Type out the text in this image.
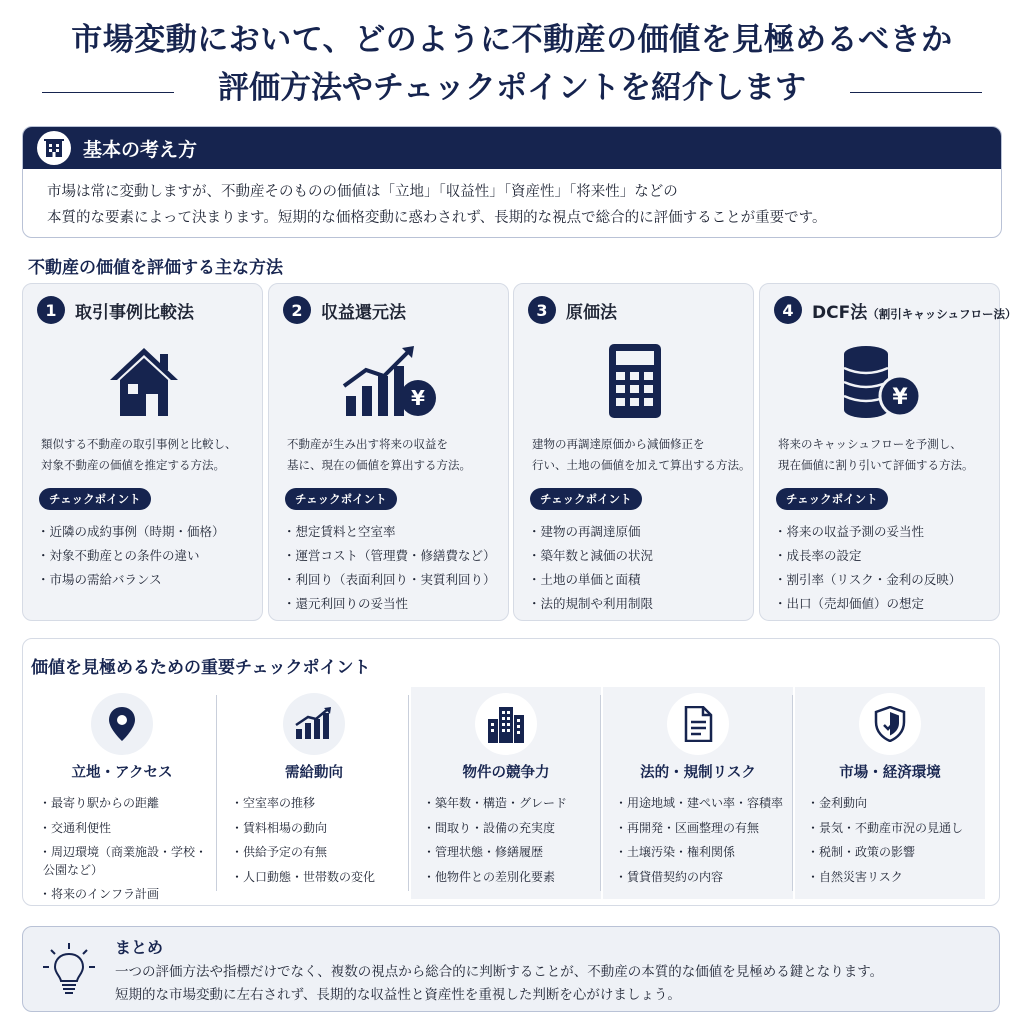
市場変動において、どのように不動産の価値を見極めるべきか
評価方法やチェックポイントを紹介します
基本の考え方
市場は常に変動しますが、不動産そのものの価値は「立地」「収益性」「資産性」「将来性」などの
本質的な要素によって決まります。短期的な価格変動に惑わされず、長期的な視点で総合的に評価することが重要です。
不動産の価値を評価する主な方法
1	取引事例比較法
類似する不動産の取引事例と比較し、
対象不動産の価値を推定する方法。
チェックポイント
・ 近隣の成約事例（時期・価格）
・ 対象不動産との条件の違い
・ 市場の需給バランス
2	収益還元法
¥
不動産が生み出す将来の収益を
基に、現在の価値を算出する方法。
チェックポイント
・ 想定賃料と空室率
・ 運営コスト（管理費・修繕費など）
・ 利回り（表面利回り・実質利回り）
・ 還元利回りの妥当性
3	原価法
建物の再調達原価から減価修正を
行い、土地の価値を加えて算出する方法。
チェックポイント
・ 建物の再調達原価
・ 築年数と減価の状況
・ 土地の単価と面積
・ 法的規制や利用制限
4	DCF法（割引キャッシュフロー法）
¥
将来のキャッシュフローを予測し、
現在価値に割り引いて評価する方法。
チェックポイント
・ 将来の収益予測の妥当性
・ 成長率の設定
・ 割引率（リスク・金利の反映）
・ 出口（売却価値）の想定
価値を見極めるための重要チェックポイント
立地・アクセス
・ 最寄り駅からの距離
・ 交通利便性
・ 周辺環境（商業施設・学校・公園など）
・ 将来のインフラ計画
需給動向
・ 空室率の推移
・ 賃料相場の動向
・ 供給予定の有無
・ 人口動態・世帯数の変化
物件の競争力
・ 築年数・構造・グレード
・ 間取り・設備の充実度
・ 管理状態・修繕履歴
・ 他物件との差別化要素
法的・規制リスク
・ 用途地域・建ぺい率・容積率
・ 再開発・区画整理の有無
・ 土壌汚染・権利関係
・ 賃貸借契約の内容
市場・経済環境
・ 金利動向
・ 景気・不動産市況の見通し
・ 税制・政策の影響
・ 自然災害リスク
まとめ
一つの評価方法や指標だけでなく、複数の視点から総合的に判断することが、不動産の本質的な価値を見極める鍵となります。
短期的な市場変動に左右されず、長期的な収益性と資産性を重視した判断を心がけましょう。
